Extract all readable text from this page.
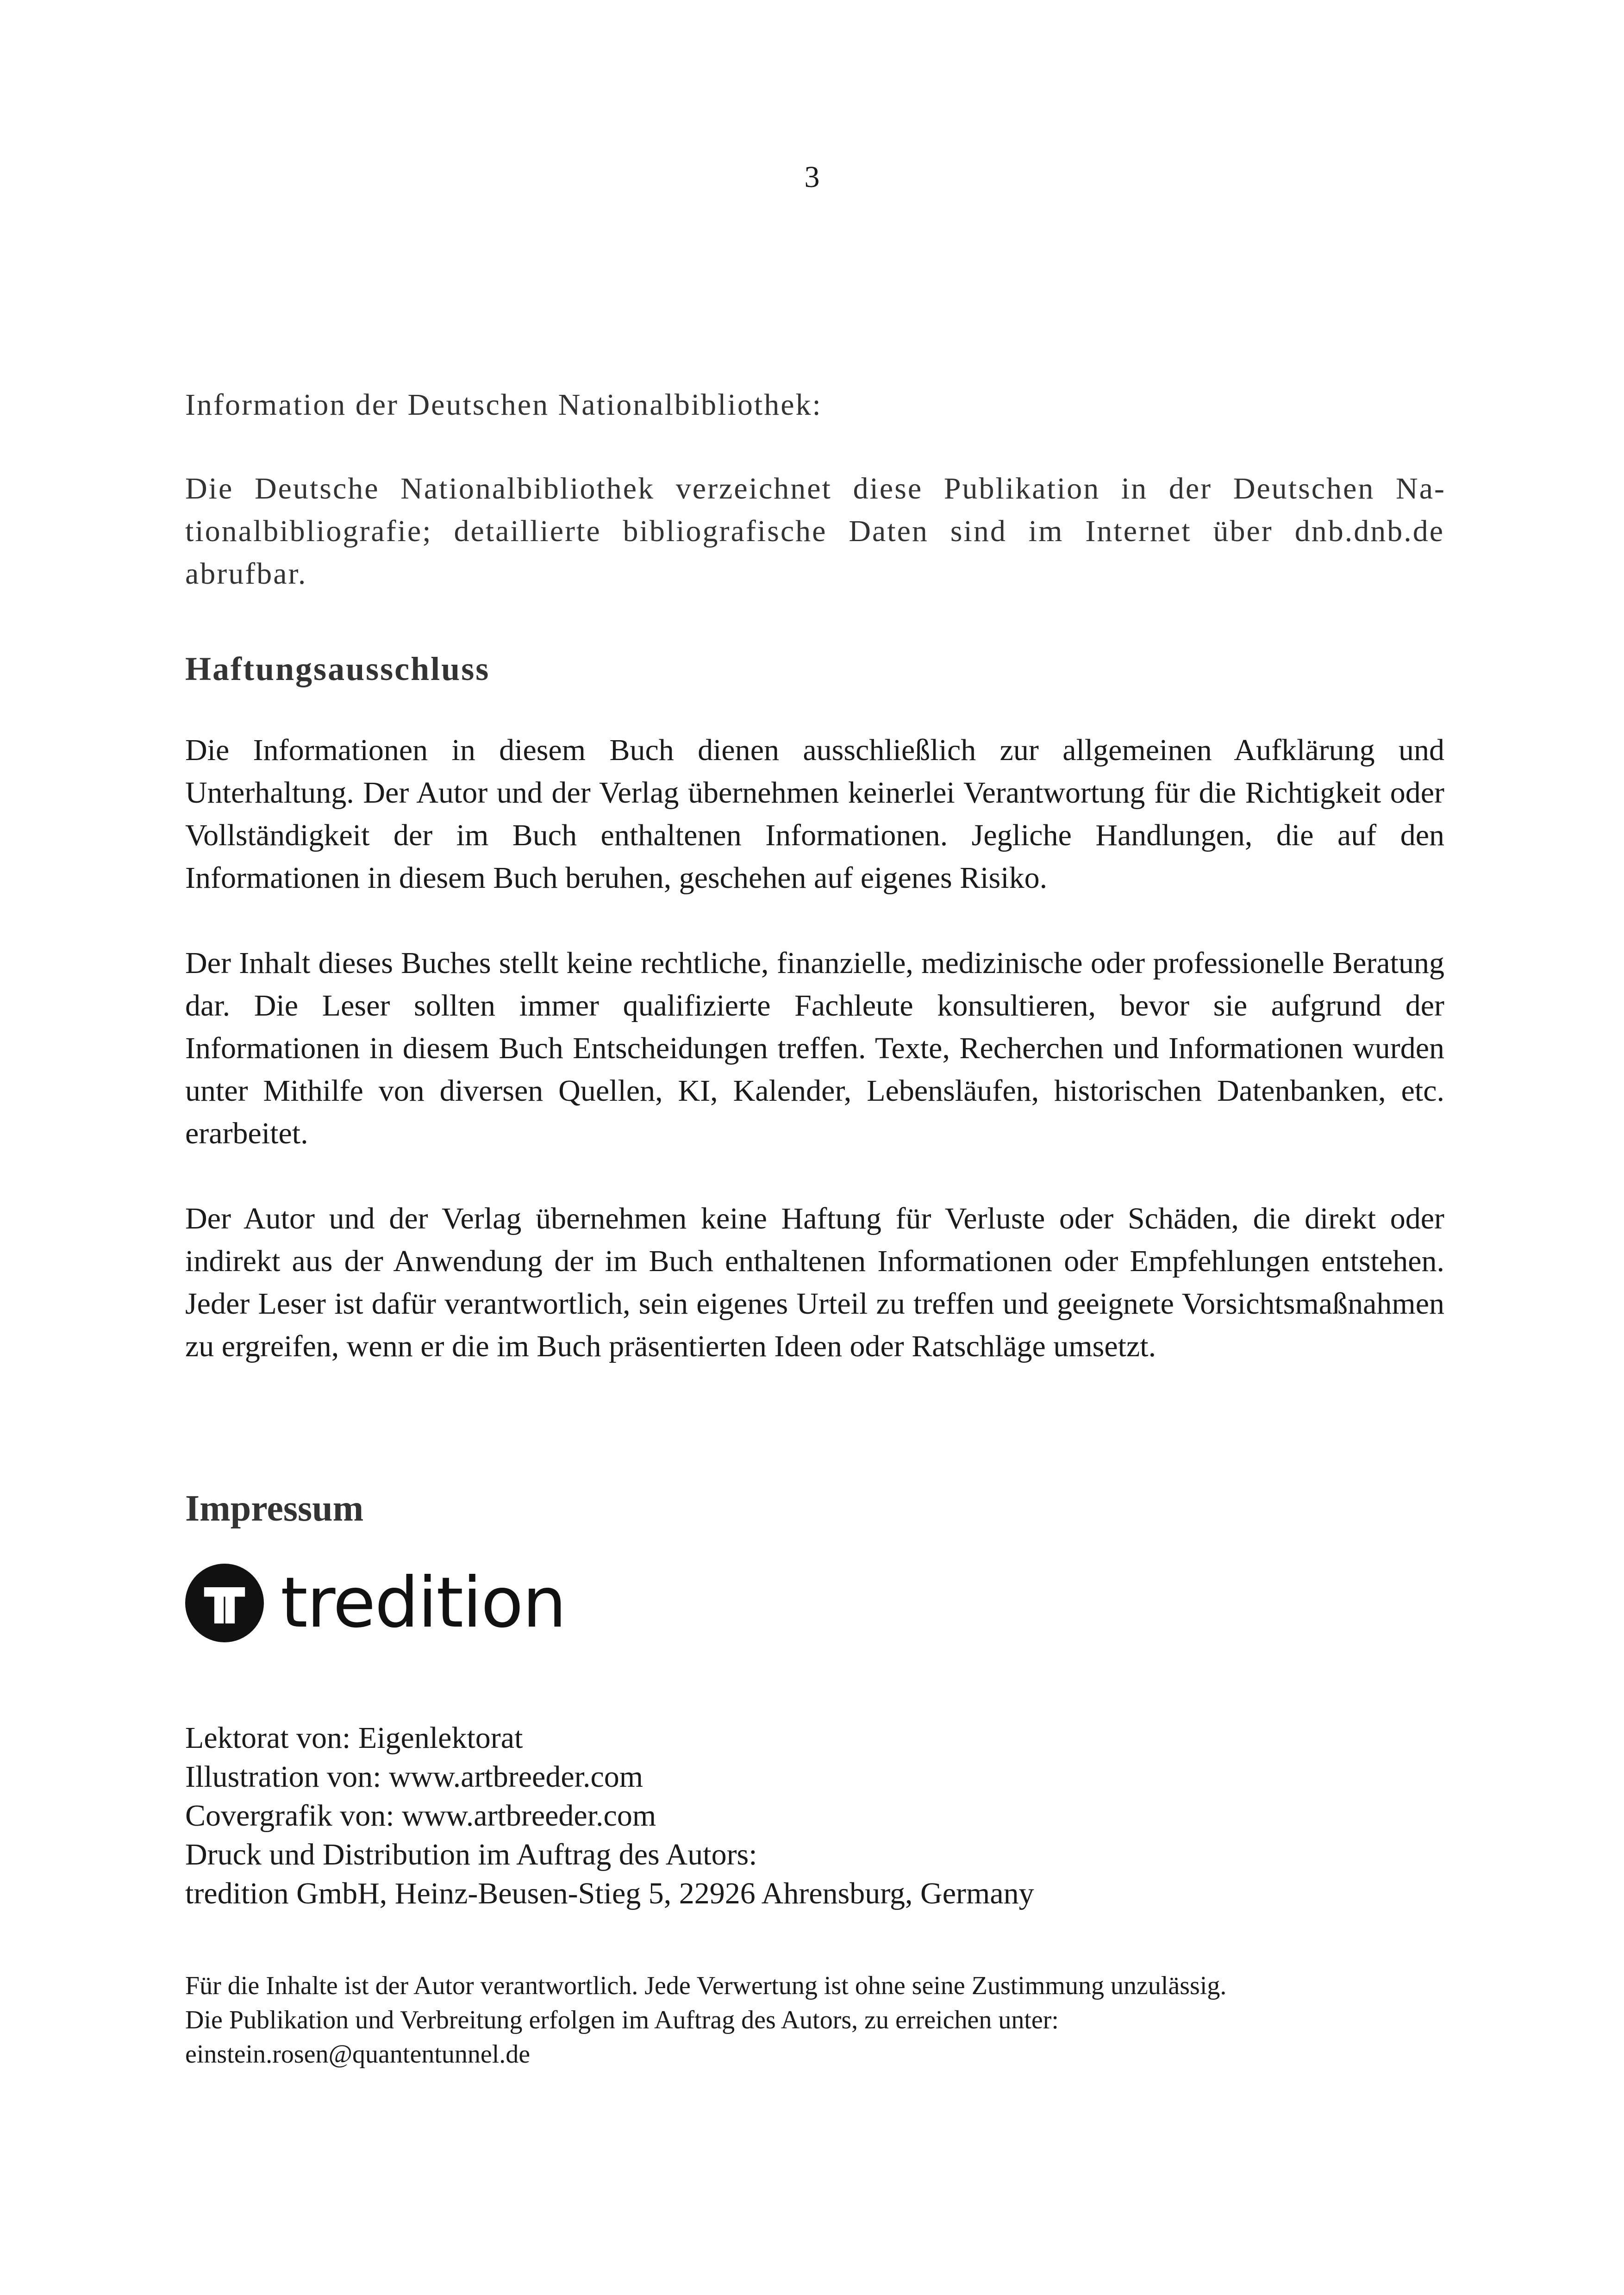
3

Information der Deutschen Nationalbibliothek:

Die Deutsche Nationalbibliothek verzeichnet diese Publikation in der Deutschen Nationalbibliografie; detaillierte bibliografische Daten sind im Internet über dnb.dnb.de abrufbar.

Haftungsausschluss

Die Informationen in diesem Buch dienen ausschließlich zur allgemeinen Aufklärung und Unterhaltung. Der Autor und der Verlag übernehmen keinerlei Verantwortung für die Richtigkeit oder Vollständigkeit der im Buch enthaltenen Informationen. Jegliche Handlungen, die auf den Informationen in diesem Buch beruhen, geschehen auf eigenes Risiko.

Der Inhalt dieses Buches stellt keine rechtliche, finanzielle, medizinische oder professionelle Beratung dar. Die Leser sollten immer qualifizierte Fachleute konsultieren, bevor sie aufgrund der Informationen in diesem Buch Entscheidungen treffen. Texte, Recherchen und Informationen wurden unter Mithilfe von diversen Quellen, KI, Kalender, Lebensläufen, historischen Datenbanken, etc. erarbeitet.

Der Autor und der Verlag übernehmen keine Haftung für Verluste oder Schäden, die direkt oder indirekt aus der Anwendung der im Buch enthaltenen Informationen oder Empfehlungen entstehen. Jeder Leser ist dafür verantwortlich, sein eigenes Urteil zu treffen und geeignete Vorsichtsmaßnahmen zu ergreifen, wenn er die im Buch präsentierten Ideen oder Ratschläge umsetzt.

Impressum
tredition
Lektorat von: Eigenlektorat
Illustration von: www.artbreeder.com
Covergrafik von: www.artbreeder.com
Druck und Distribution im Auftrag des Autors:
tredition GmbH, Heinz-Beusen-Stieg 5, 22926 Ahrensburg, Germany
Für die Inhalte ist der Autor verantwortlich. Jede Verwertung ist ohne seine Zustimmung unzulässig.
Die Publikation und Verbreitung erfolgen im Auftrag des Autors, zu erreichen unter:
einstein.rosen@quantentunnel.de
